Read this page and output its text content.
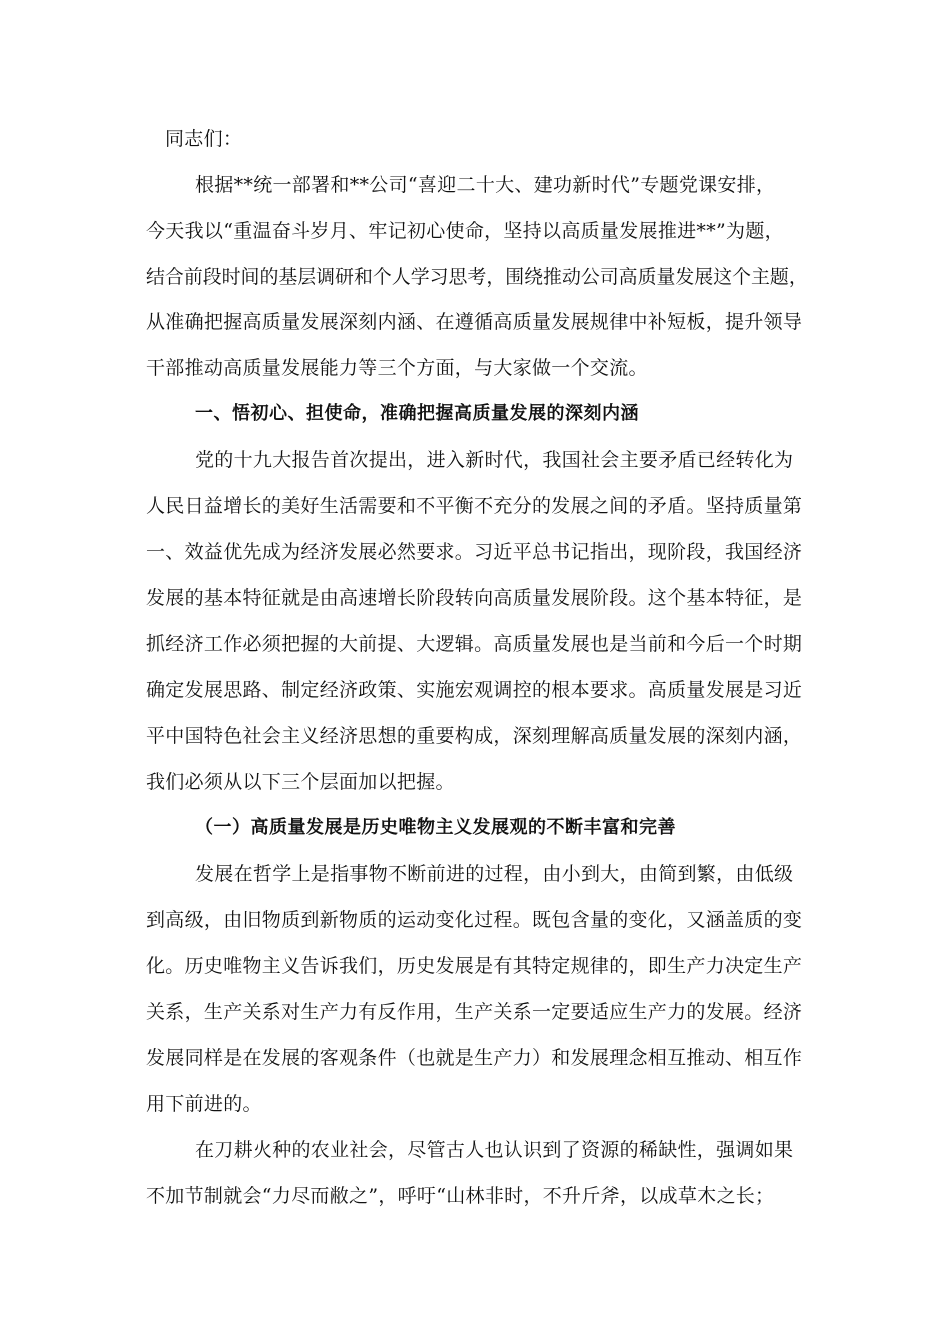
同志们：

根据**统一部署和**公司“喜迎二十大、建功新时代”专题党课安排，

今天我以“重温奋斗岁月、牢记初心使命，坚持以高质量发展推进**”为题，

结合前段时间的基层调研和个人学习思考，围绕推动公司高质量发展这个主题，

从准确把握高质量发展深刻内涵、在遵循高质量发展规律中补短板，提升领导

干部推动高质量发展能力等三个方面，与大家做一个交流。

一、悟初心、担使命，准确把握高质量发展的深刻内涵

党的十九大报告首次提出，进入新时代，我国社会主要矛盾已经转化为

人民日益增长的美好生活需要和不平衡不充分的发展之间的矛盾。坚持质量第

一、效益优先成为经济发展必然要求。习近平总书记指出，现阶段，我国经济

发展的基本特征就是由高速增长阶段转向高质量发展阶段。这个基本特征，是

抓经济工作必须把握的大前提、大逻辑。高质量发展也是当前和今后一个时期

确定发展思路、制定经济政策、实施宏观调控的根本要求。高质量发展是习近

平中国特色社会主义经济思想的重要构成，深刻理解高质量发展的深刻内涵，

我们必须从以下三个层面加以把握。

（一）高质量发展是历史唯物主义发展观的不断丰富和完善

发展在哲学上是指事物不断前进的过程，由小到大，由简到繁，由低级

到高级，由旧物质到新物质的运动变化过程。既包含量的变化，又涵盖质的变

化。历史唯物主义告诉我们，历史发展是有其特定规律的，即生产力决定生产

关系，生产关系对生产力有反作用，生产关系一定要适应生产力的发展。经济

发展同样是在发展的客观条件（也就是生产力）和发展理念相互推动、相互作

用下前进的。

在刀耕火种的农业社会，尽管古人也认识到了资源的稀缺性，强调如果

不加节制就会“力尽而敝之”，呼吁“山林非时，不升斤斧，以成草木之长；
